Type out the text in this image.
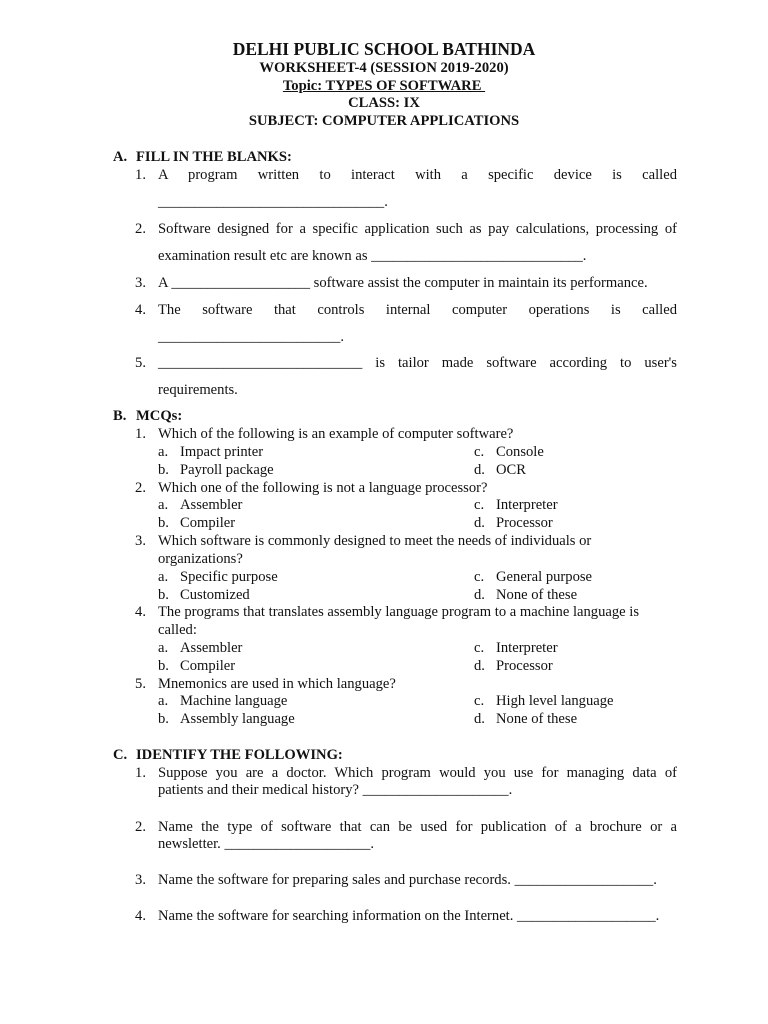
DELHI PUBLIC SCHOOL BATHINDA
WORKSHEET-4 (SESSION 2019-2020)
Topic: TYPES OF SOFTWARE
CLASS: IX
SUBJECT: COMPUTER APPLICATIONS
A. FILL IN THE BLANKS:
1. A program written to interact with a specific device is called
_______________________________.
2. Software designed for a specific application such as pay calculations, processing of
examination result etc are known as _____________________________.
3. A ___________________ software assist the computer in maintain its performance.
4. The software that controls internal computer operations is called
_________________________.
5. ____________________________ is tailor made software according to user's
requirements.
B. MCQs:
1. Which of the following is an example of computer software?
a. Impact printer	c. Console
b. Payroll package	d. OCR
2. Which one of the following is not a language processor?
a. Assembler	c. Interpreter
b. Compiler	d. Processor
3. Which software is commonly designed to meet the needs of individuals or
organizations?
a. Specific purpose	c. General purpose
b. Customized	d. None of these
4. The programs that translates assembly language program to a machine language is
called:
a. Assembler	c. Interpreter
b. Compiler	d. Processor
5. Mnemonics are used in which language?
a. Machine language	c. High level language
b. Assembly language	d. None of these
C. IDENTIFY THE FOLLOWING:
1. Suppose you are a doctor. Which program would you use for managing data of
patients and their medical history? ____________________.
2. Name the type of software that can be used for publication of a brochure or a
newsletter. ____________________.
3. Name the software for preparing sales and purchase records. ___________________.
4. Name the software for searching information on the Internet. ___________________.
